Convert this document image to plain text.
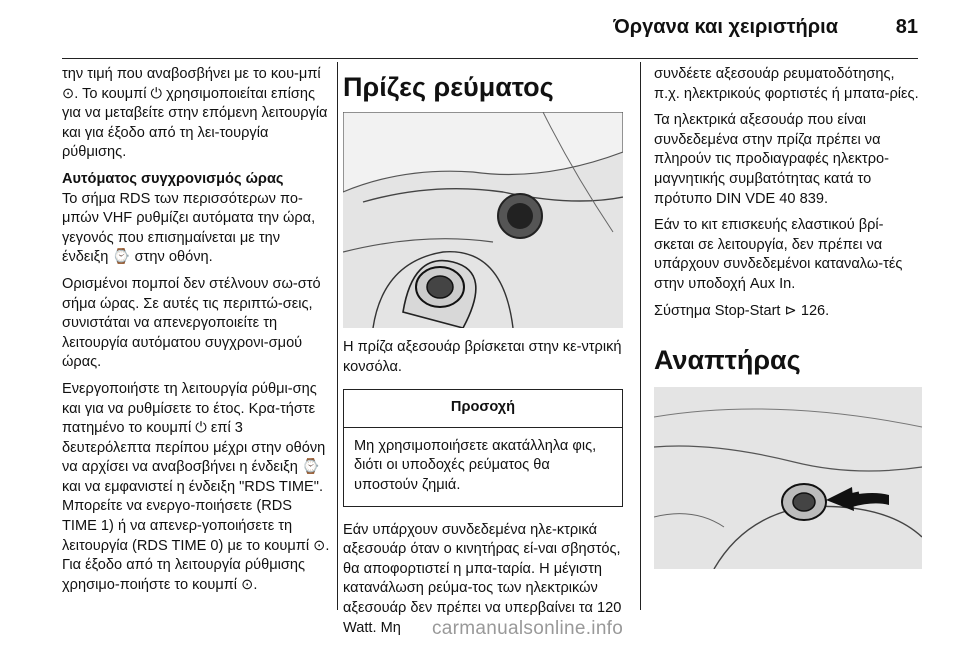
Όργανα και χειριστήρια	81

την τιμή που αναβοσβήνει με το κου-μπί ⊙. Το κουμπί ⏻ χρησιμοποιείται επίσης για να μεταβείτε στην επόμενη λειτουργία και για έξοδο από τη λει-τουργία ρύθμισης.

Αυτόματος συγχρονισμός ώρας

Το σήμα RDS των περισσότερων πο-μπών VHF ρυθμίζει αυτόματα την ώρα, γεγονός που επισημαίνεται με την ένδειξη ⌚ στην οθόνη.

Ορισμένοι πομποί δεν στέλνουν σω-στό σήμα ώρας. Σε αυτές τις περιπτώ-σεις, συνιστάται να απενεργοποιείτε τη λειτουργία αυτόματου συγχρονι-σμού ώρας.

Ενεργοποιήστε τη λειτουργία ρύθμι-σης και για να ρυθμίσετε το έτος. Κρα-τήστε πατημένο το κουμπί ⏻ επί 3 δευτερόλεπτα περίπου μέχρι στην οθόνη να αρχίσει να αναβοσβήνει η ένδειξη ⌚ και να εμφανιστεί η ένδειξη "RDS TIME". Μπορείτε να ενεργο-ποιήσετε (RDS TIME 1) ή να απενερ-γοποιήσετε τη λειτουργία (RDS TIME 0) με το κουμπί ⊙. Για έξοδο από τη λειτουργία ρύθμισης χρησιμο-ποιήστε το κουμπί ⊙.

Πρίζες ρεύματος

Η πρίζα αξεσουάρ βρίσκεται στην κε-ντρική κονσόλα.

Προσοχή
Μη χρησιμοποιήσετε ακατάλληλα φις, διότι οι υποδοχές ρεύματος θα υποστούν ζημιά.

Εάν υπάρχουν συνδεδεμένα ηλε-κτρικά αξεσουάρ όταν ο κινητήρας εί-ναι σβηστός, θα αποφορτιστεί η μπα-ταρία. Η μέγιστη κατανάλωση ρεύμα-τος των ηλεκτρικών αξεσουάρ δεν πρέπει να υπερβαίνει τα 120 Watt. Μη

συνδέετε αξεσουάρ ρευματοδότησης, π.χ. ηλεκτρικούς φορτιστές ή μπατα-ρίες.

Τα ηλεκτρικά αξεσουάρ που είναι συνδεδεμένα στην πρίζα πρέπει να πληρούν τις προδιαγραφές ηλεκτρο-μαγνητικής συμβατότητας κατά το πρότυπο DIN VDE 40 839.

Εάν το κιτ επισκευής ελαστικού βρί-σκεται σε λειτουργία, δεν πρέπει να υπάρχουν συνδεδεμένοι καταναλω-τές στην υποδοχή Aux In.

Σύστημα Stop-Start ⊳ 126.

Αναπτήρας
carmanualsonline.info
